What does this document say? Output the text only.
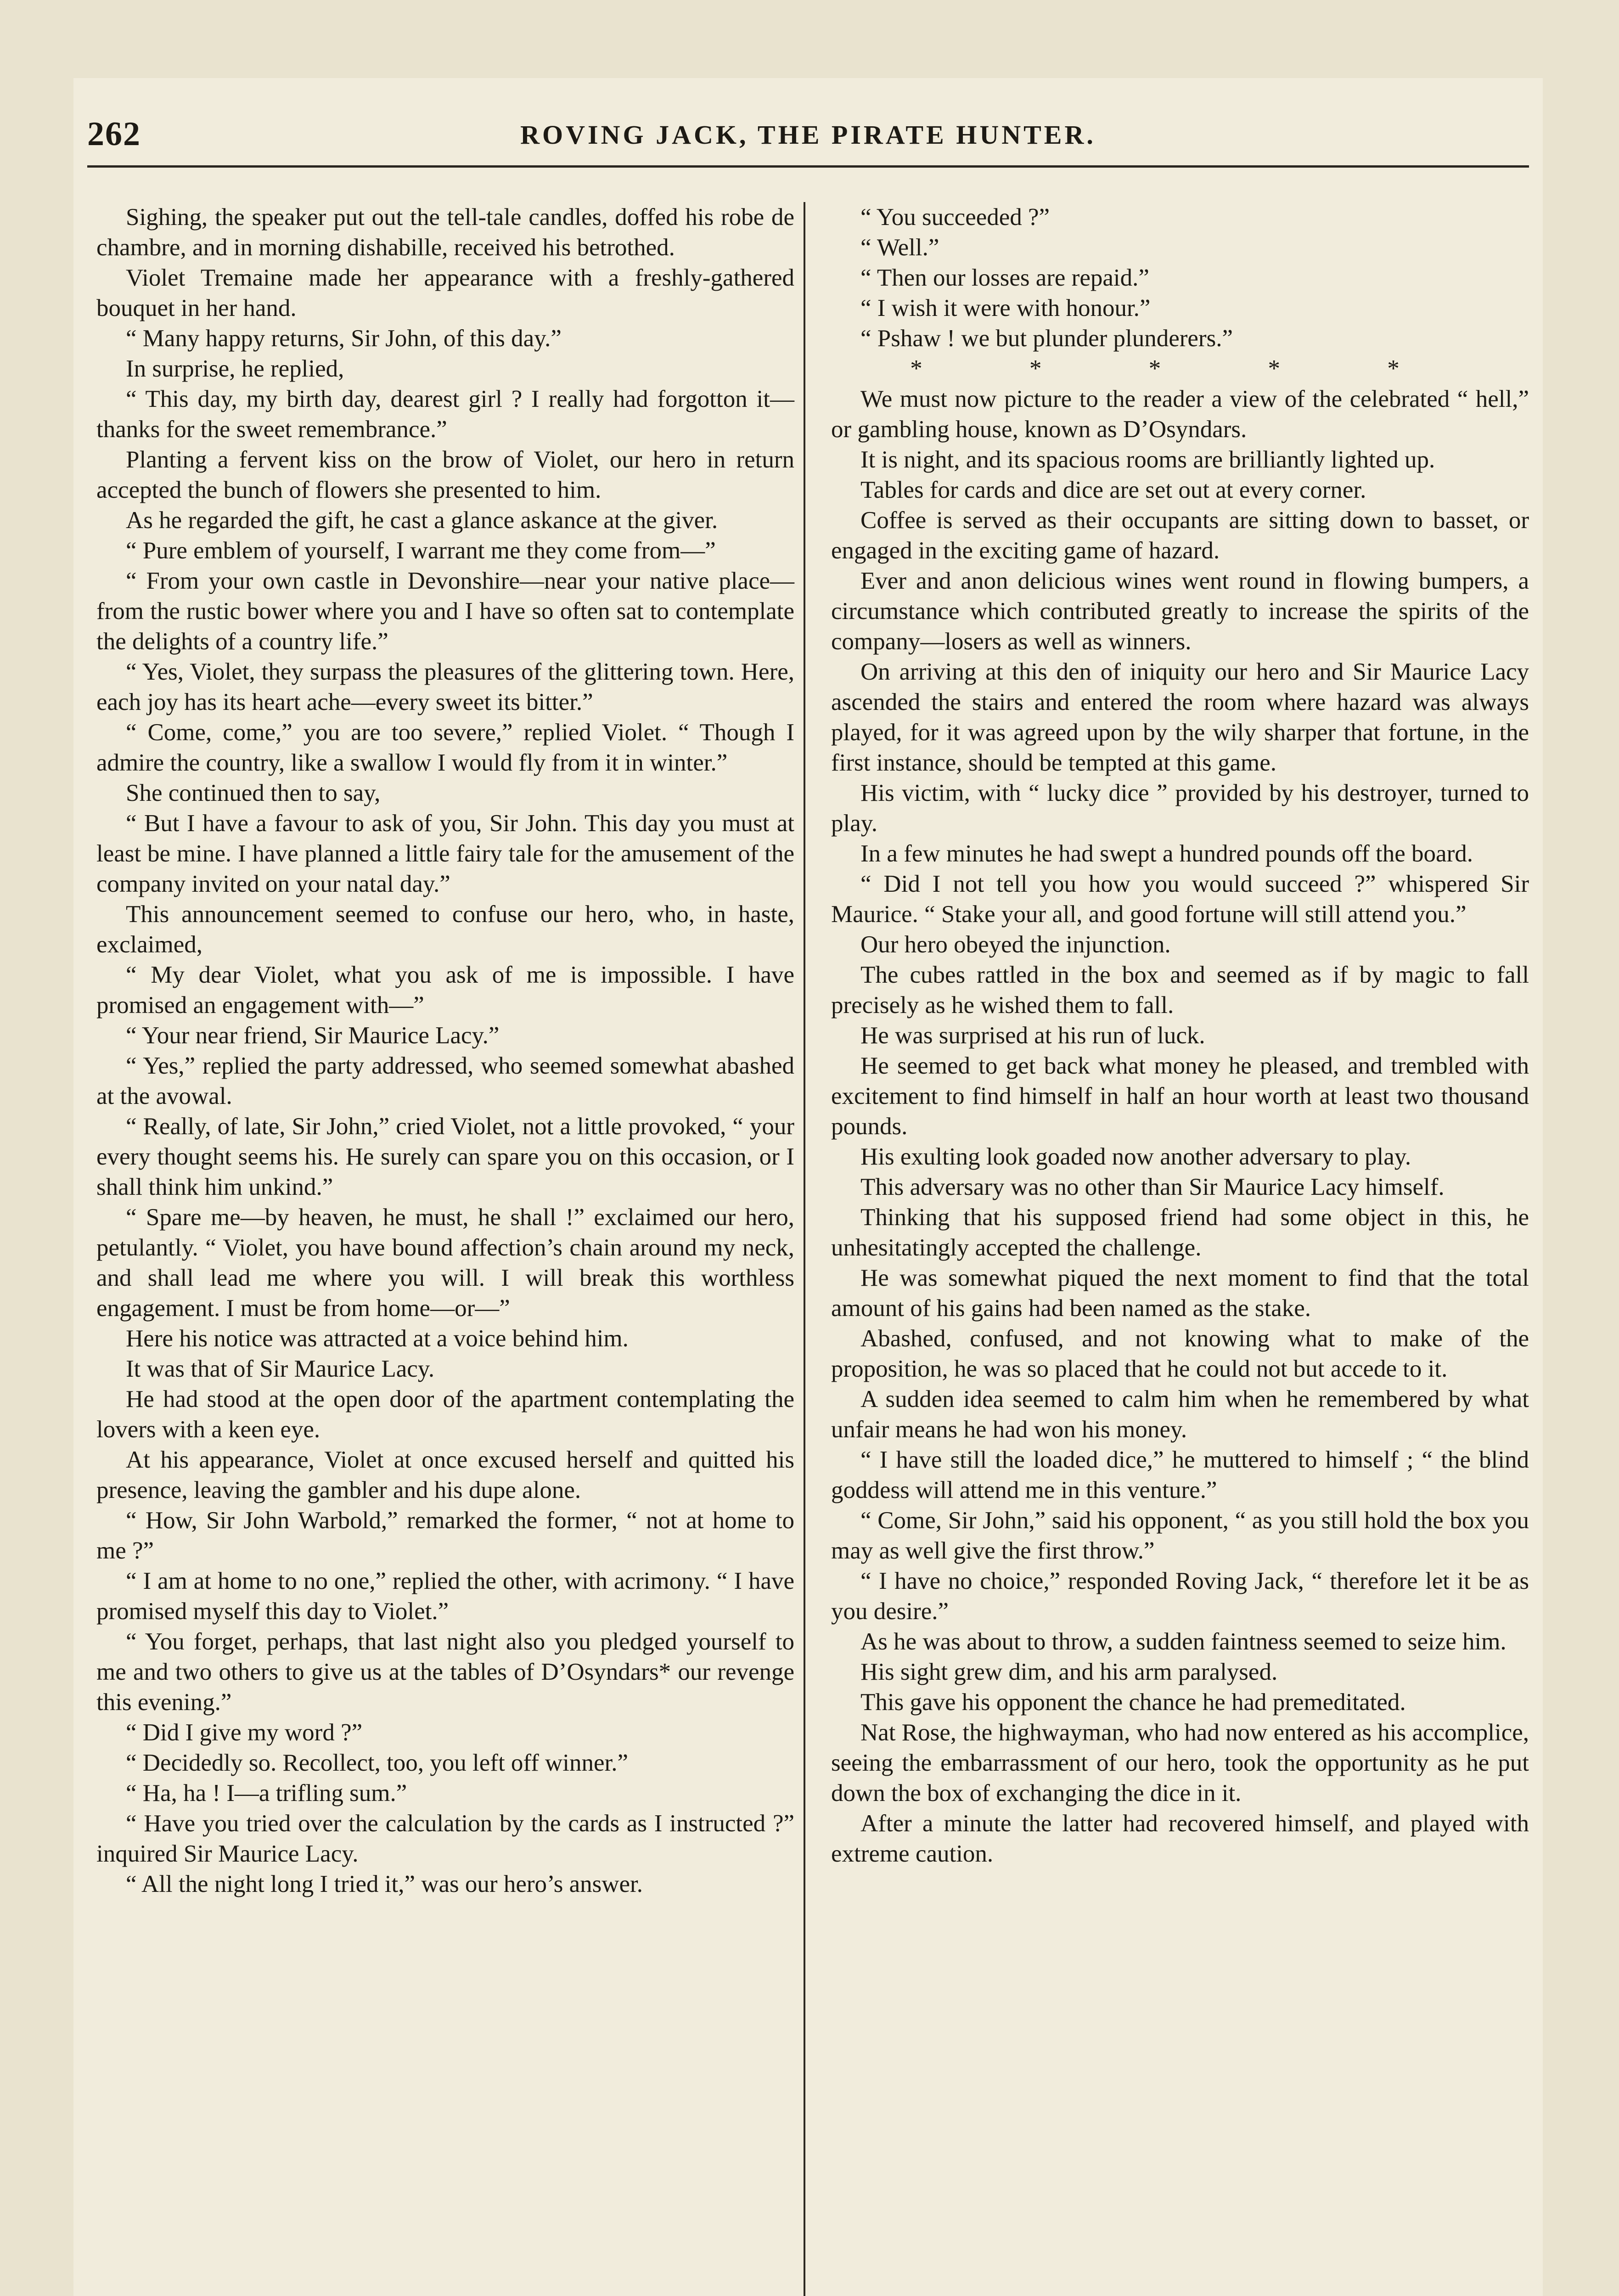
262	ROVING JACK, THE PIRATE HUNTER.

Sighing, the speaker put out the tell-tale candles, doffed his robe de chambre, and in morning dishabille, received his betrothed.

Violet Tremaine made her appearance with a freshly-gathered bouquet in her hand.

“ Many happy returns, Sir John, of this day.”

In surprise, he replied,

“ This day, my birth day, dearest girl ? I really had forgotton it—thanks for the sweet remembrance.”

Planting a fervent kiss on the brow of Violet, our hero in return accepted the bunch of flowers she presented to him.

As he regarded the gift, he cast a glance askance at the giver.

“ Pure emblem of yourself, I warrant me they come from—”

“ From your own castle in Devonshire—near your native place—from the rustic bower where you and I have so often sat to contemplate the delights of a country life.”

“ Yes, Violet, they surpass the pleasures of the glittering town. Here, each joy has its heart ache—every sweet its bitter.”

“ Come, come,” you are too severe,” replied Violet. “ Though I admire the country, like a swallow I would fly from it in winter.”

She continued then to say,

“ But I have a favour to ask of you, Sir John. This day you must at least be mine. I have planned a little fairy tale for the amusement of the company invited on your natal day.”

This announcement seemed to confuse our hero, who, in haste, exclaimed,

“ My dear Violet, what you ask of me is impossible. I have promised an engagement with—”

“ Your near friend, Sir Maurice Lacy.”

“ Yes,” replied the party addressed, who seemed somewhat abashed at the avowal.

“ Really, of late, Sir John,” cried Violet, not a little provoked, “ your every thought seems his. He surely can spare you on this occasion, or I shall think him unkind.”

“ Spare me—by heaven, he must, he shall !” exclaimed our hero, petulantly. “ Violet, you have bound affection’s chain around my neck, and shall lead me where you will. I will break this worthless engagement. I must be from home—or—”

Here his notice was attracted at a voice behind him.

It was that of Sir Maurice Lacy.

He had stood at the open door of the apartment contemplating the lovers with a keen eye.

At his appearance, Violet at once excused herself and quitted his presence, leaving the gambler and his dupe alone.

“ How, Sir John Warbold,” remarked the former, “ not at home to me ?”

“ I am at home to no one,” replied the other, with acrimony. “ I have promised myself this day to Violet.”

“ You forget, perhaps, that last night also you pledged yourself to me and two others to give us at the tables of D’Osyndars* our revenge this evening.”

“ Did I give my word ?”

“ Decidedly so. Recollect, too, you left off winner.”

“ Ha, ha ! I—a trifling sum.”

“ Have you tried over the calculation by the cards as I instructed ?” inquired Sir Maurice Lacy.

“ All the night long I tried it,” was our hero’s answer.

“ You succeeded ?”

“ Well.”

“ Then our losses are repaid.”

“ I wish it were with honour.”

“ Pshaw ! we but plunder plunderers.”

* * * * *

We must now picture to the reader a view of the celebrated “ hell,” or gambling house, known as D’Osyndars.

It is night, and its spacious rooms are brilliantly lighted up.

Tables for cards and dice are set out at every corner.

Coffee is served as their occupants are sitting down to basset, or engaged in the exciting game of hazard.

Ever and anon delicious wines went round in flowing bumpers, a circumstance which contributed greatly to increase the spirits of the company—losers as well as winners.

On arriving at this den of iniquity our hero and Sir Maurice Lacy ascended the stairs and entered the room where hazard was always played, for it was agreed upon by the wily sharper that fortune, in the first instance, should be tempted at this game.

His victim, with “ lucky dice ” provided by his destroyer, turned to play.

In a few minutes he had swept a hundred pounds off the board.

“ Did I not tell you how you would succeed ?” whispered Sir Maurice. “ Stake your all, and good fortune will still attend you.”

Our hero obeyed the injunction.

The cubes rattled in the box and seemed as if by magic to fall precisely as he wished them to fall.

He was surprised at his run of luck.

He seemed to get back what money he pleased, and trembled with excitement to find himself in half an hour worth at least two thousand pounds.

His exulting look goaded now another adversary to play.

This adversary was no other than Sir Maurice Lacy himself.

Thinking that his supposed friend had some object in this, he unhesitatingly accepted the challenge.

He was somewhat piqued the next moment to find that the total amount of his gains had been named as the stake.

Abashed, confused, and not knowing what to make of the proposition, he was so placed that he could not but accede to it.

A sudden idea seemed to calm him when he remembered by what unfair means he had won his money.

“ I have still the loaded dice,” he muttered to himself ; “ the blind goddess will attend me in this venture.”

“ Come, Sir John,” said his opponent, “ as you still hold the box you may as well give the first throw.”

“ I have no choice,” responded Roving Jack, “ therefore let it be as you desire.”

As he was about to throw, a sudden faintness seemed to seize him.

His sight grew dim, and his arm paralysed.

This gave his opponent the chance he had premeditated.

Nat Rose, the highwayman, who had now entered as his accomplice, seeing the embarrassment of our hero, took the opportunity as he put down the box of exchanging the dice in it.

After a minute the latter had recovered himself, and played with extreme caution.
